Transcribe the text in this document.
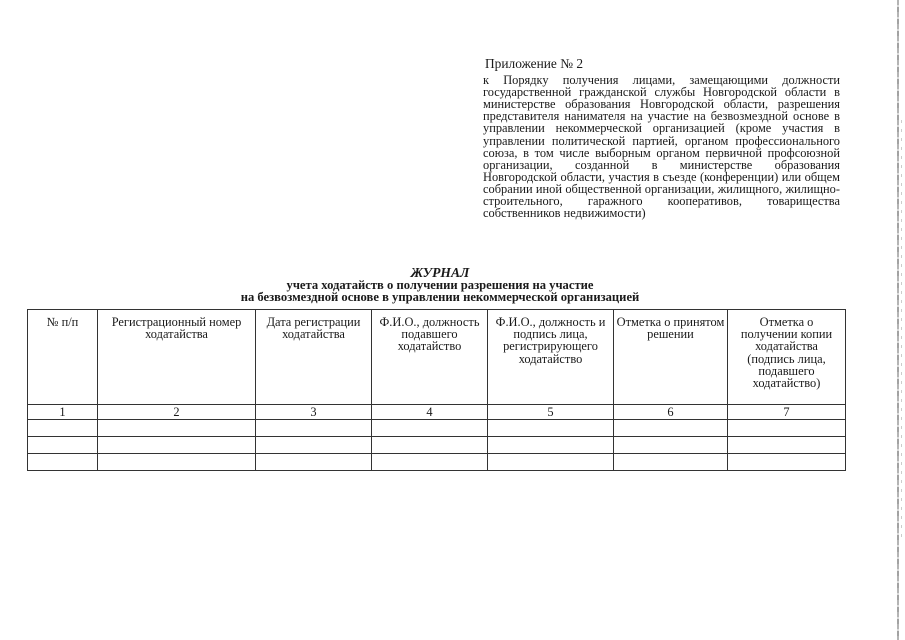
Приложение № 2

к Порядку получения лицами, замещающими должности государственной гражданской службы Новгородской области в министерстве образования Новгородской области, разрешения представителя нанимателя на участие на безвозмездной основе в управлении некоммерческой организацией (кроме участия в управлении политической партией, органом профессионального союза, в том числе выборным органом первичной профсоюзной организации, созданной в министерстве образования Новгородской области, участия в съезде (конференции) или общем собрании иной общественной организации, жилищного, жилищно-строительного, гаражного кооперативов, товарищества собственников недвижимости)

ЖУРНАЛ
учета ходатайств о получении разрешения на участие
на безвозмездной основе в управлении некоммерческой организацией
№ п/п	Регистрационный номер ходатайства	Дата регистрации ходатайства	Ф.И.О., должность подавшего ходатайство	Ф.И.О., должность и подпись лица, регистрирующего ходатайство	Отметка о принятом решении	Отметка о получении копии ходатайства (подпись лица, подавшего ходатайство)
1	2	3	4	5	6	7
